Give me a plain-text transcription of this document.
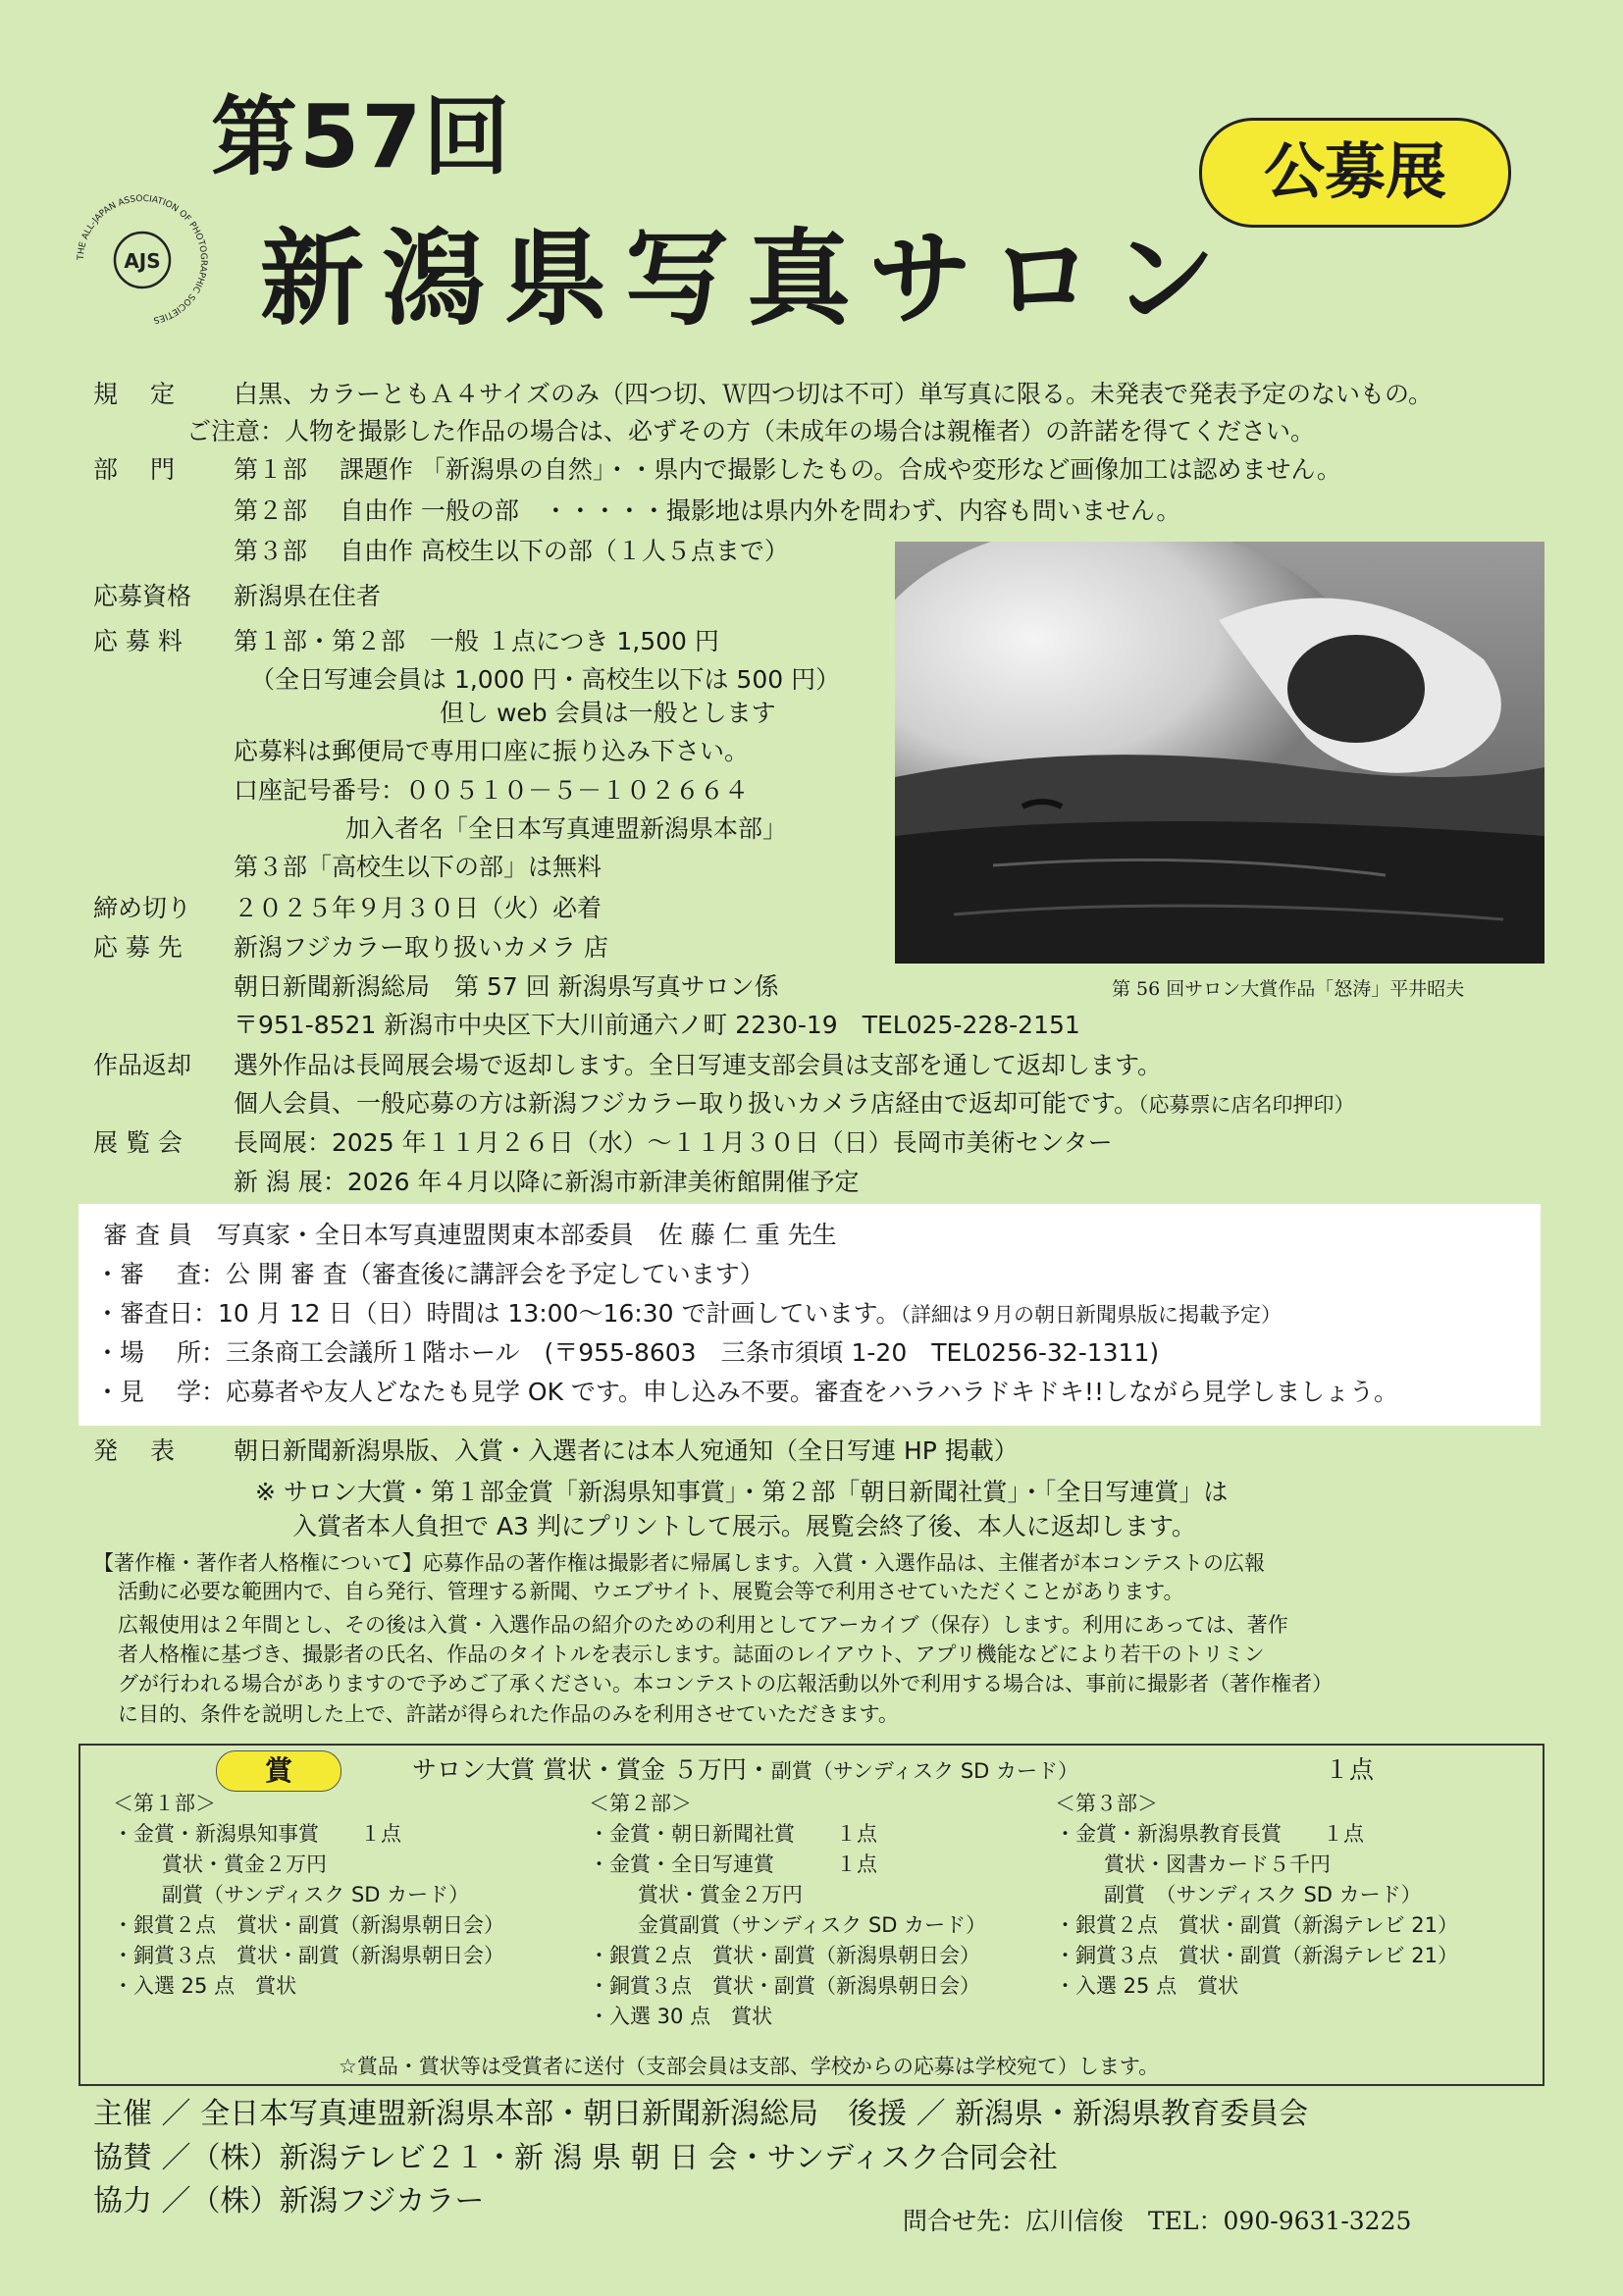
第57回
新潟県写真サロン
公募展
THE ALL-JAPAN ASSOCIATION OF PHOTOGRAPHIC SOCIETIES
AJS
規　 定 白黒、カラーともＡ４サイズのみ（四つ切、Ｗ四つ切は不可）単写真に限る。未発表で発表予定のないもの。
ご注意：人物を撮影した作品の場合は、必ずその方（未成年の場合は親権者）の許諾を得てください。
部　 門 第１部　 課題作 「新潟県の自然」・・県内で撮影したもの。合成や変形など画像加工は認めません。
第２部　 自由作 一般の部　・・・・・撮影地は県内外を問わず、内容も問いません。
第３部　 自由作 高校生以下の部（１人５点まで）
応募資格 新潟県在住者
応 募 料 第１部・第２部　一般 １点につき 1,500 円
（全日写連会員は 1,000 円・高校生以下は 500 円）
但し web 会員は一般とします
応募料は郵便局で専用口座に振り込み下さい。
口座記号番号：００５１０－５－１０２６６４
加入者名「全日本写真連盟新潟県本部」
第３部「高校生以下の部」は無料
締め切り ２０２５年９月３０日（火）必着
応 募 先 新潟フジカラー取り扱いカメラ 店
朝日新聞新潟総局　第 57 回 新潟県写真サロン係
〒951-8521 新潟市中央区下大川前通六ノ町 2230-19　TEL025-228-2151
作品返却 選外作品は長岡展会場で返却します。全日写連支部会員は支部を通して返却します。
個人会員、一般応募の方は新潟フジカラー取り扱いカメラ店経由で返却可能です。（応募票に店名印押印）
展 覧 会 長岡展：2025 年１１月２６日（水）～１１月３０日（日）長岡市美術センター
新 潟 展：2026 年４月以降に新潟市新津美術館開催予定
第 56 回サロン大賞作品「怒涛」平井昭夫
審 査 員　写真家・全日本写真連盟関東本部委員　佐 藤 仁 重 先生
・審　 査：公 開 審 査（審査後に講評会を予定しています）
・審査日：10 月 12 日（日）時間は 13:00～16:30 で計画しています。（詳細は９月の朝日新聞県版に掲載予定）
・場　 所：三条商工会議所１階ホール　(〒955-8603　三条市須頃 1-20　TEL0256-32-1311)
・見　 学：応募者や友人どなたも見学 OK です。申し込み不要。審査をハラハラドキドキ!!しながら見学しましょう。
発　 表 朝日新聞新潟県版、入賞・入選者には本人宛通知（全日写連 HP 掲載）
※ サロン大賞・第１部金賞「新潟県知事賞」・第２部「朝日新聞社賞」・「全日写連賞」は
入賞者本人負担で A3 判にプリントして展示。展覧会終了後、本人に返却します。
【著作権・著作者人格権について】応募作品の著作権は撮影者に帰属します。入賞・入選作品は、主催者が本コンテストの広報
活動に必要な範囲内で、自ら発行、管理する新聞、ウエブサイト、展覧会等で利用させていただくことがあります。
広報使用は２年間とし、その後は入賞・入選作品の紹介のための利用としてアーカイブ（保存）します。利用にあっては、著作
者人格権に基づき、撮影者の氏名、作品のタイトルを表示します。誌面のレイアウト、アプリ機能などにより若干のトリミン
グが行われる場合がありますので予めご了承ください。本コンテストの広報活動以外で利用する場合は、事前に撮影者（著作権者）
に目的、条件を説明した上で、許諾が得られた作品のみを利用させていただきます。
賞	サロン大賞 賞状・賞金 ５万円・副賞（サンディスク SD カード）	１点
＜第１部＞
・金賞・新潟県知事賞　　１点
賞状・賞金２万円
副賞（サンディスク SD カード）
・銀賞２点　賞状・副賞（新潟県朝日会）
・銅賞３点　賞状・副賞（新潟県朝日会）
・入選 25 点　賞状
＜第２部＞
・金賞・朝日新聞社賞　　１点
・金賞・全日写連賞　　　１点
賞状・賞金２万円
金賞副賞（サンディスク SD カード）
・銀賞２点　賞状・副賞（新潟県朝日会）
・銅賞３点　賞状・副賞（新潟県朝日会）
・入選 30 点　賞状
＜第３部＞
・金賞・新潟県教育長賞　　１点
賞状・図書カード５千円
副賞　（サンディスク SD カード）
・銀賞２点　賞状・副賞（新潟テレビ 21）
・銅賞３点　賞状・副賞（新潟テレビ 21）
・入選 25 点　賞状
☆賞品・賞状等は受賞者に送付（支部会員は支部、学校からの応募は学校宛て）します。
主催 ／ 全日本写真連盟新潟県本部・朝日新聞新潟総局　後援 ／ 新潟県・新潟県教育委員会
協賛 ／（株）新潟テレビ２１・新 潟 県 朝 日 会・サンディスク合同会社
協力 ／（株）新潟フジカラー
問合せ先：広川信俊　TEL：090-9631-3225
